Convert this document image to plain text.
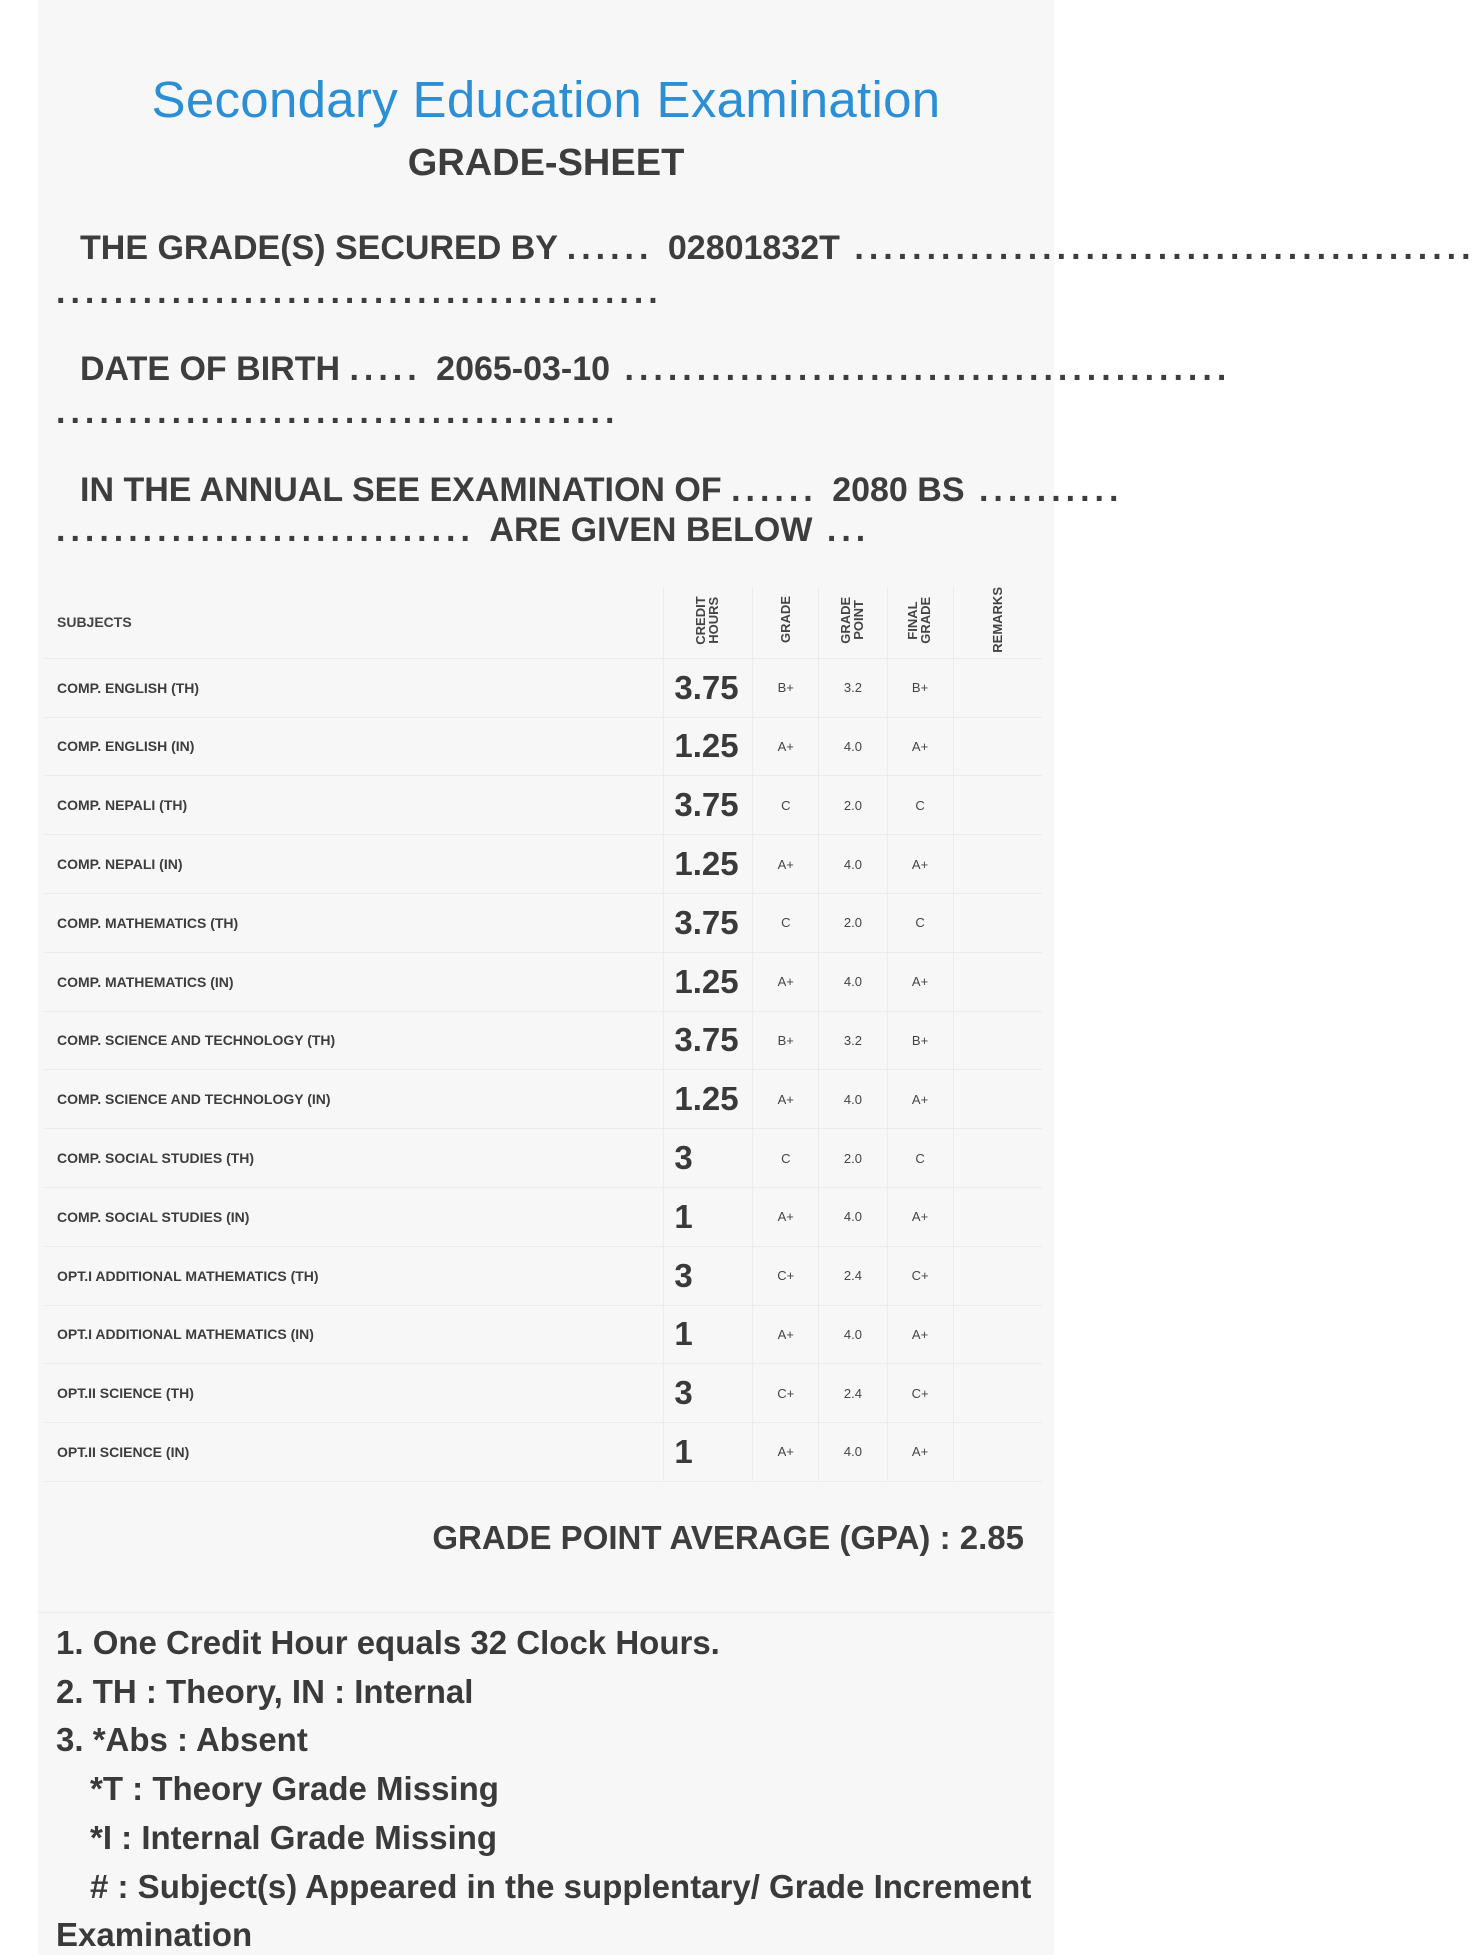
Secondary Education Examination
GRADE-SHEET
THE GRADE(S) SECURED BY ...... 02801832T ...........................................
..........................................
DATE OF BIRTH ..... 2065-03-10 ..........................................
.......................................
IN THE ANNUAL SEE EXAMINATION OF ...... 2080 BS ..........
............................. ARE GIVEN BELOW ...
SUBJECTS	CREDIT HOURS	GRADE	GRADE POINT	FINAL GRADE	REMARKS
COMP. ENGLISH (TH)	3.75	B+	3.2	B+	
COMP. ENGLISH (IN)	1.25	A+	4.0	A+	
COMP. NEPALI (TH)	3.75	C	2.0	C	
COMP. NEPALI (IN)	1.25	A+	4.0	A+	
COMP. MATHEMATICS (TH)	3.75	C	2.0	C	
COMP. MATHEMATICS (IN)	1.25	A+	4.0	A+	
COMP. SCIENCE AND TECHNOLOGY (TH)	3.75	B+	3.2	B+	
COMP. SCIENCE AND TECHNOLOGY (IN)	1.25	A+	4.0	A+	
COMP. SOCIAL STUDIES (TH)	3	C	2.0	C	
COMP. SOCIAL STUDIES (IN)	1	A+	4.0	A+	
OPT.I ADDITIONAL MATHEMATICS (TH)	3	C+	2.4	C+	
OPT.I ADDITIONAL MATHEMATICS (IN)	1	A+	4.0	A+	
OPT.II SCIENCE (TH)	3	C+	2.4	C+	
OPT.II SCIENCE (IN)	1	A+	4.0	A+	
GRADE POINT AVERAGE (GPA) : 2.85
1. One Credit Hour equals 32 Clock Hours.
2. TH : Theory, IN : Internal
3. *Abs : Absent
*T : Theory Grade Missing
*I : Internal Grade Missing
# : Subject(s) Appeared in the supplentary/ Grade Increment
Examination
